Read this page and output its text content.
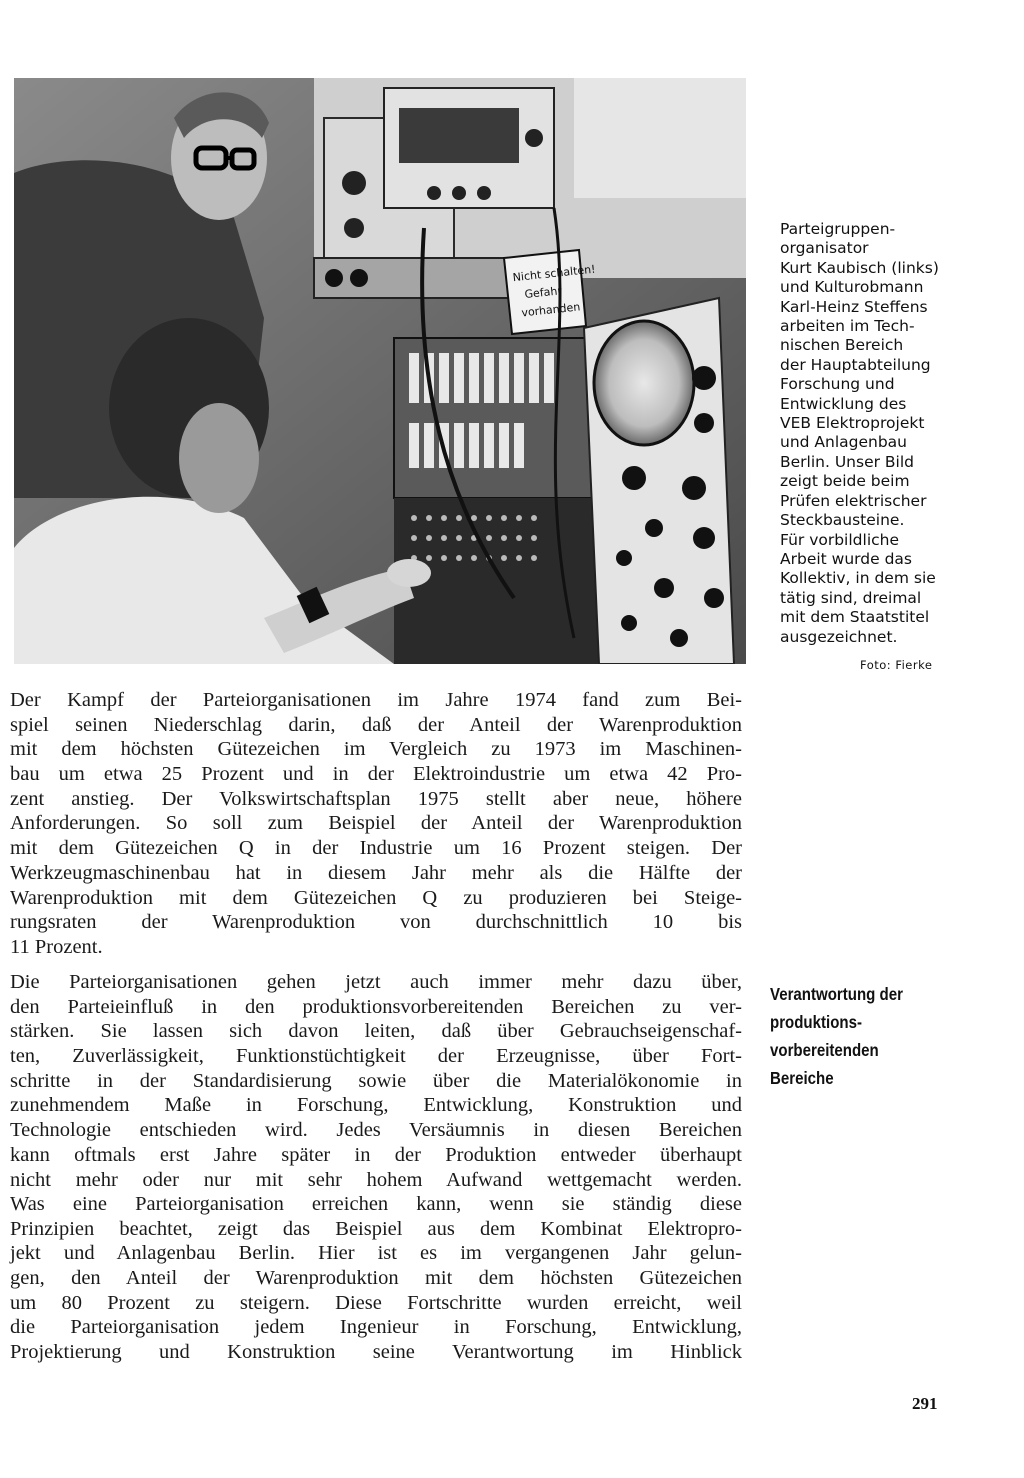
Nicht schalten!
Gefahr
vorhanden
Parteigruppen-
organisator
Kurt Kaubisch (links)
und Kulturobmann
Karl-Heinz Steffens
arbeiten im Tech-
nischen Bereich
der Hauptabteilung
Forschung und
Entwicklung des
VEB Elektroprojekt
und Anlagenbau
Berlin. Unser Bild
zeigt beide beim
Prüfen elektrischer
Steckbausteine.
Für vorbildliche
Arbeit wurde das
Kollektiv, in dem sie
tätig sind, dreimal
mit dem Staatstitel
ausgezeichnet.
Foto: Fierke
Der Kampf der Parteiorganisationen im Jahre 1974 fand zum Bei-
spiel seinen Niederschlag darin, daß der Anteil der Warenproduktion
mit dem höchsten Gütezeichen im Vergleich zu 1973 im Maschinen-
bau um etwa 25 Prozent und in der Elektroindustrie um etwa 42 Pro-
zent anstieg. Der Volkswirtschaftsplan 1975 stellt aber neue, höhere
Anforderungen. So soll zum Beispiel der Anteil der Warenproduktion
mit dem Gütezeichen Q in der Industrie um 16 Prozent steigen. Der
Werkzeugmaschinenbau hat in diesem Jahr mehr als die Hälfte der
Warenproduktion mit dem Gütezeichen Q zu produzieren bei Steige-
rungsraten der Warenproduktion von durchschnittlich 10 bis
11 Prozent.
Die Parteiorganisationen gehen jetzt auch immer mehr dazu über,
den Parteieinfluß in den produktionsvorbereitenden Bereichen zu ver-
stärken. Sie lassen sich davon leiten, daß über Gebrauchseigenschaf-
ten, Zuverlässigkeit, Funktionstüchtigkeit der Erzeugnisse, über Fort-
schritte in der Standardisierung sowie über die Materialökonomie in
zunehmendem Maße in Forschung, Entwicklung, Konstruktion und
Technologie entschieden wird. Jedes Versäumnis in diesen Bereichen
kann oftmals erst Jahre später in der Produktion entweder überhaupt
nicht mehr oder nur mit sehr hohem Aufwand wettgemacht werden.
Was eine Parteiorganisation erreichen kann, wenn sie ständig diese
Prinzipien beachtet, zeigt das Beispiel aus dem Kombinat Elektropro-
jekt und Anlagenbau Berlin. Hier ist es im vergangenen Jahr gelun-
gen, den Anteil der Warenproduktion mit dem höchsten Gütezeichen
um 80 Prozent zu steigern. Diese Fortschritte wurden erreicht, weil
die Parteiorganisation jedem Ingenieur in Forschung, Entwicklung,
Projektierung und Konstruktion seine Verantwortung im Hinblick
Verantwortung der
produktions-
vorbereitenden
Bereiche
291
